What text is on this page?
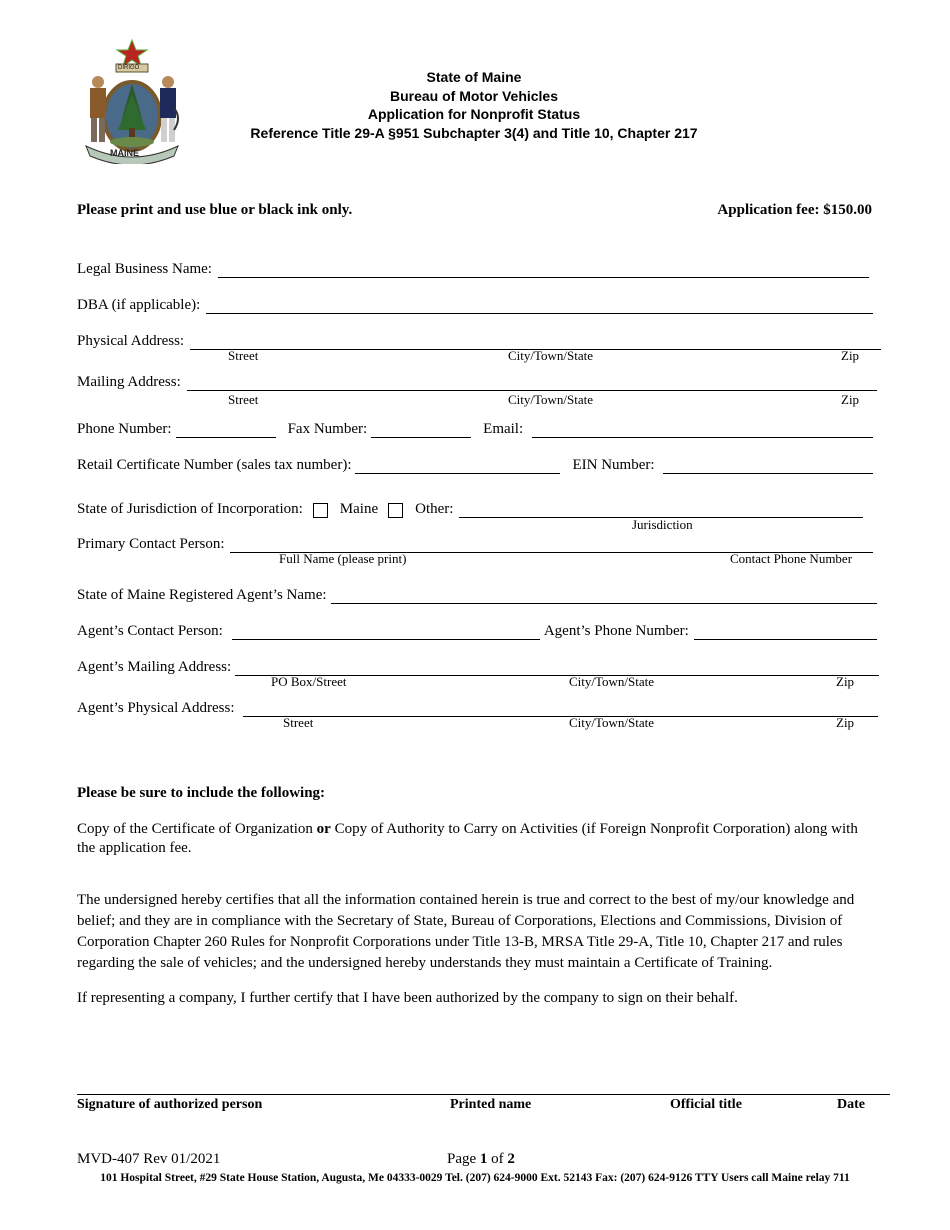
MAINE
DIRIGO
State of Maine
Bureau of Motor Vehicles
Application for Nonprofit Status
Reference Title 29-A §951 Subchapter 3(4) and Title 10, Chapter 217
Please print and use blue or black ink only.	Application fee: $150.00
Legal Business Name:
DBA (if applicable):
Physical Address:
Street	City/Town/State	Zip
Mailing Address:
Street	City/Town/State	Zip
Phone Number:	Fax Number:	Email:
Retail Certificate Number (sales tax number):	EIN Number:
State of Jurisdiction of Incorporation: Maine Other:
Jurisdiction
Primary Contact Person:
Full Name (please print)	Contact Phone Number
State of Maine Registered Agent’s Name:
Agent’s Contact Person:	Agent’s Phone Number:
Agent’s Mailing Address:
PO Box/Street	City/Town/State	Zip
Agent’s Physical Address:
Street	City/Town/State	Zip
Please be sure to include the following:
Copy of the Certificate of Organization or Copy of Authority to Carry on Activities (if Foreign Nonprofit Corporation) along with the application fee.
The undersigned hereby certifies that all the information contained herein is true and correct to the best of my/our knowledge and belief; and they are in compliance with the Secretary of State, Bureau of Corporations, Elections and Commissions, Division of Corporation Chapter 260 Rules for Nonprofit Corporations under Title 13-B, MRSA Title 29-A, Title 10, Chapter 217 and rules regarding the sale of vehicles; and the undersigned hereby understands they must maintain a Certificate of Training.
If representing a company, I further certify that I have been authorized by the company to sign on their behalf.
Signature of authorized person	Printed name	Official title	Date
MVD-407 Rev 01/2021	Page 1 of 2
101 Hospital Street, #29 State House Station, Augusta, Me 04333-0029 Tel. (207) 624-9000 Ext. 52143 Fax: (207) 624-9126 TTY Users call Maine relay 711
